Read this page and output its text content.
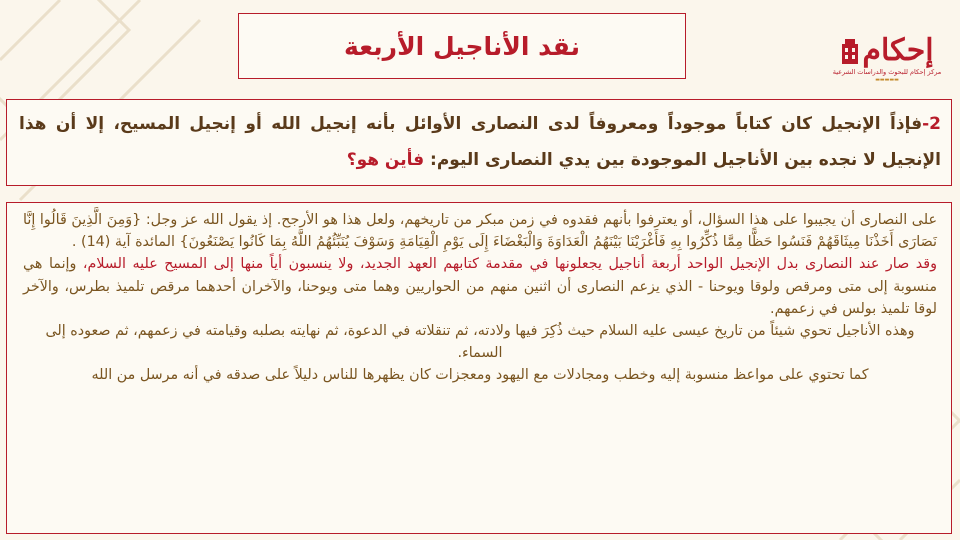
نقد الأناجيل الأربعة	إحكام
مركز إحكام للبحوث والدراسات الشرعية
▬▬▬▬▬
2-فإذاً الإنجيل كان كتاباً موجوداً ومعروفاً لدى النصارى الأوائل بأنه إنجيل الله أو إنجيل المسيح، إلا أن هذا الإنجيل لا نجده بين الأناجيل الموجودة بين يدي النصارى اليوم: فأين هو؟

على النصارى أن يجيبوا على هذا السؤال، أو يعترفوا بأنهم فقدوه في زمن مبكر من تاريخهم، ولعل هذا هو الأرجح. إذ يقول الله عز وجل: {وَمِنَ الَّذِينَ قَالُوا إِنَّا نَصَارَى أَخَذْنَا مِيثَاقَهُمْ فَنَسُوا حَظًّا مِمَّا ذُكِّرُوا بِهِ فَأَغْرَيْنَا بَيْنَهُمُ الْعَدَاوَةَ وَالْبَغْضَاءَ إِلَى يَوْمِ الْقِيَامَةِ وَسَوْفَ يُنَبِّئُهُمُ اللَّهُ بِمَا كَانُوا يَصْنَعُونَ} المائدة آية (14) .

وقد صار عند النصارى بدل الإنجيل الواحد أربعة أناجيل يجعلونها في مقدمة كتابهم العهد الجديد، ولا ينسبون أياً منها إلى المسيح عليه السلام، وإنما هي منسوبة إلى متى ومرقص ولوقا ويوحنا - الذي يزعم النصارى أن اثنين منهم من الحواريين وهما متى ويوحنا، والآخران أحدهما مرقص تلميذ بطرس، والآخر لوقا تلميذ بولس في زعمهم.

وهذه الأناجيل تحوي شيئاً من تاريخ عيسى عليه السلام حيث ذُكِرَ فيها ولادته، ثم تنقلاته في الدعوة، ثم نهايته بصلبه وقيامته في زعمهم، ثم صعوده إلى السماء.

كما تحتوي على مواعظ منسوبة إليه وخطب ومجادلات مع اليهود ومعجزات كان يظهرها للناس دليلاً على صدقه في أنه مرسل من الله
